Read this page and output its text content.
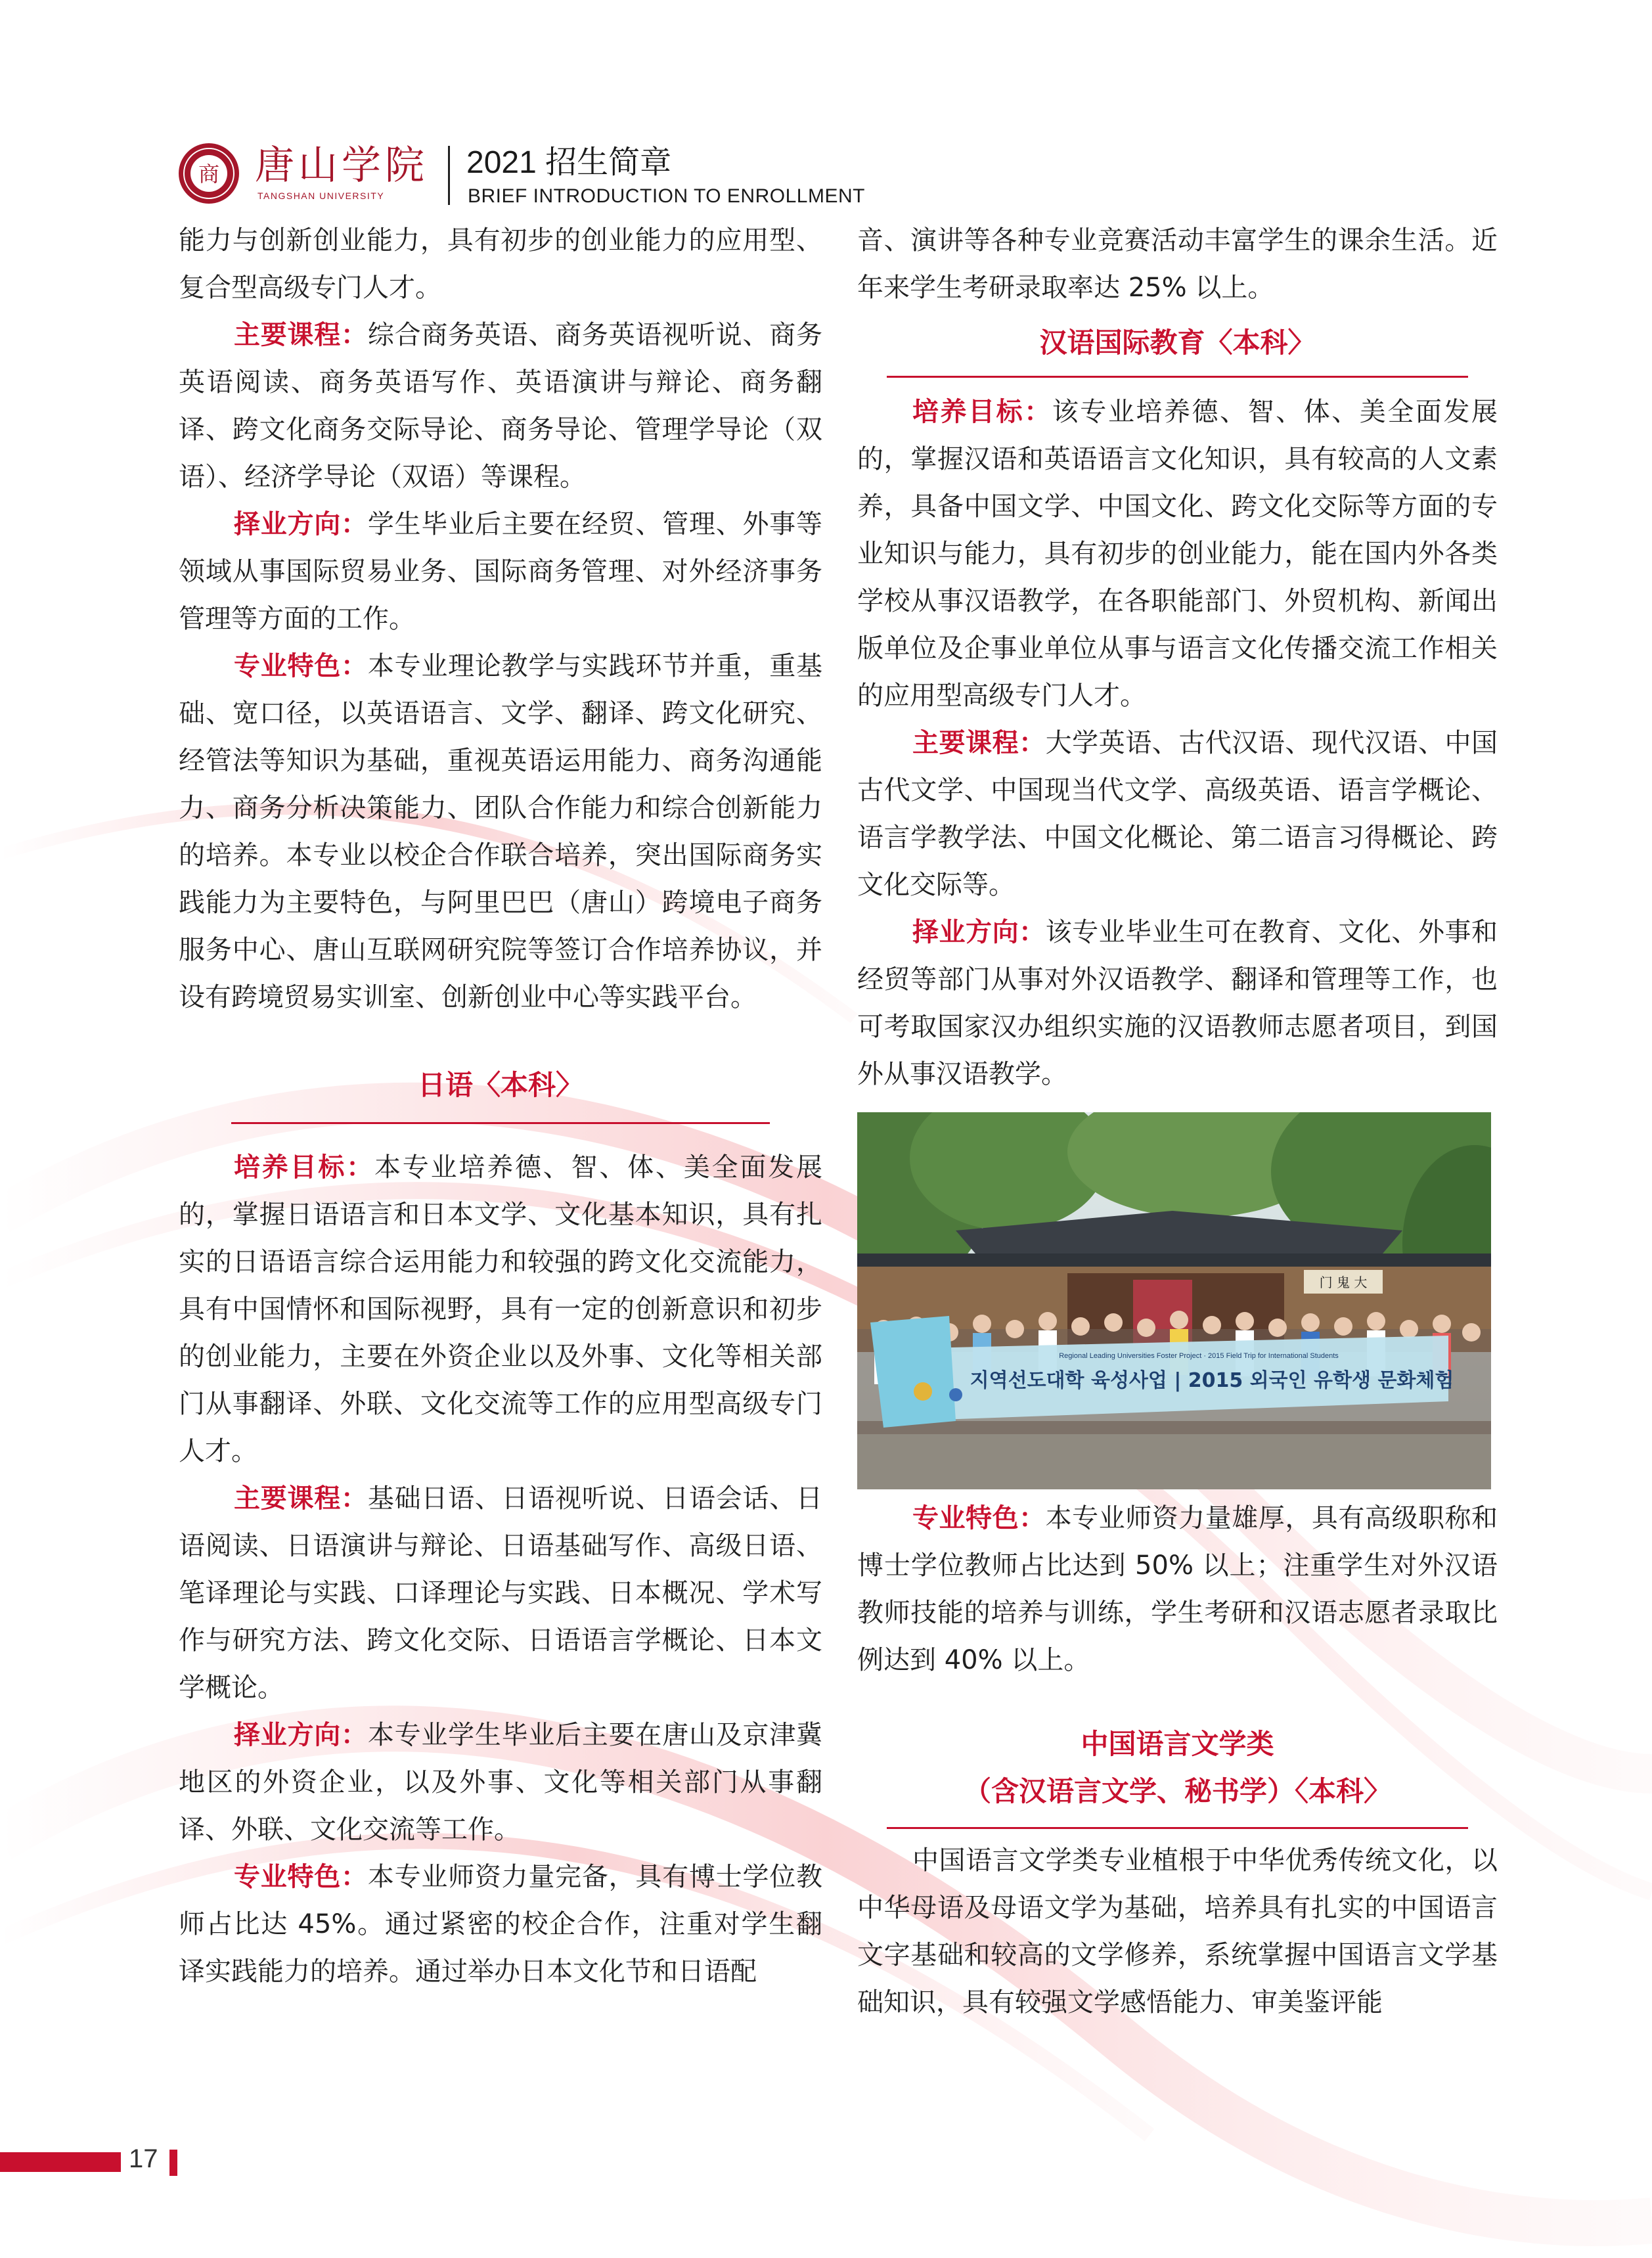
商 唐山学院
TANGSHAN UNIVERSITY
2021 招生简章
BRIEF INTRODUCTION TO ENROLLMENT

能力与创新创业能力，具有初步的创业能力的应用型、复合型高级专门人才。

主要课程：综合商务英语、商务英语视听说、商务英语阅读、商务英语写作、英语演讲与辩论、商务翻译、跨文化商务交际导论、商务导论、管理学导论（双语）、经济学导论（双语）等课程。

择业方向：学生毕业后主要在经贸、管理、外事等领域从事国际贸易业务、国际商务管理、对外经济事务管理等方面的工作。

专业特色：本专业理论教学与实践环节并重，重基础、宽口径，以英语语言、文学、翻译、跨文化研究、经管法等知识为基础，重视英语运用能力、商务沟通能力、商务分析决策能力、团队合作能力和综合创新能力的培养。本专业以校企合作联合培养，突出国际商务实践能力为主要特色，与阿里巴巴（唐山）跨境电子商务服务中心、唐山互联网研究院等签订合作培养协议，并设有跨境贸易实训室、创新创业中心等实践平台。

日语〈本科〉

培养目标：本专业培养德、智、体、美全面发展的，掌握日语语言和日本文学、文化基本知识，具有扎实的日语语言综合运用能力和较强的跨文化交流能力，具有中国情怀和国际视野，具有一定的创新意识和初步的创业能力，主要在外资企业以及外事、文化等相关部门从事翻译、外联、文化交流等工作的应用型高级专门人才。

主要课程：基础日语、日语视听说、日语会话、日语阅读、日语演讲与辩论、日语基础写作、高级日语、笔译理论与实践、口译理论与实践、日本概况、学术写作与研究方法、跨文化交际、日语语言学概论、日本文学概论。

择业方向：本专业学生毕业后主要在唐山及京津冀地区的外资企业，以及外事、文化等相关部门从事翻译、外联、文化交流等工作。

专业特色：本专业师资力量完备，具有博士学位教师占比达 45%。通过紧密的校企合作，注重对学生翻译实践能力的培养。通过举办日本文化节和日语配

音、演讲等各种专业竞赛活动丰富学生的课余生活。近年来学生考研录取率达 25% 以上。

汉语国际教育〈本科〉

培养目标：该专业培养德、智、体、美全面发展的，掌握汉语和英语语言文化知识，具有较高的人文素养，具备中国文学、中国文化、跨文化交际等方面的专业知识与能力，具有初步的创业能力，能在国内外各类学校从事汉语教学，在各职能部门、外贸机构、新闻出版单位及企事业单位从事与语言文化传播交流工作相关的应用型高级专门人才。

主要课程：大学英语、古代汉语、现代汉语、中国古代文学、中国现当代文学、高级英语、语言学概论、语言学教学法、中国文化概论、第二语言习得概论、跨文化交际等。

择业方向：该专业毕业生可在教育、文化、外事和经贸等部门从事对外汉语教学、翻译和管理等工作，也可考取国家汉办组织实施的汉语教师志愿者项目，到国外从事汉语教学。

门 鬼 大
Regional Leading Universities Foster Project · 2015 Field Trip for International Students
지역선도대학 육성사업 | 2015 외국인 유학생 문화체험

专业特色：本专业师资力量雄厚，具有高级职称和博士学位教师占比达到 50% 以上；注重学生对外汉语教师技能的培养与训练，学生考研和汉语志愿者录取比例达到 40% 以上。

中国语言文学类
（含汉语言文学、秘书学）〈本科〉

中国语言文学类专业植根于中华优秀传统文化，以中华母语及母语文学为基础，培养具有扎实的中国语言文字基础和较高的文学修养，系统掌握中国语言文学基础知识，具有较强文学感悟能力、审美鉴评能

17
